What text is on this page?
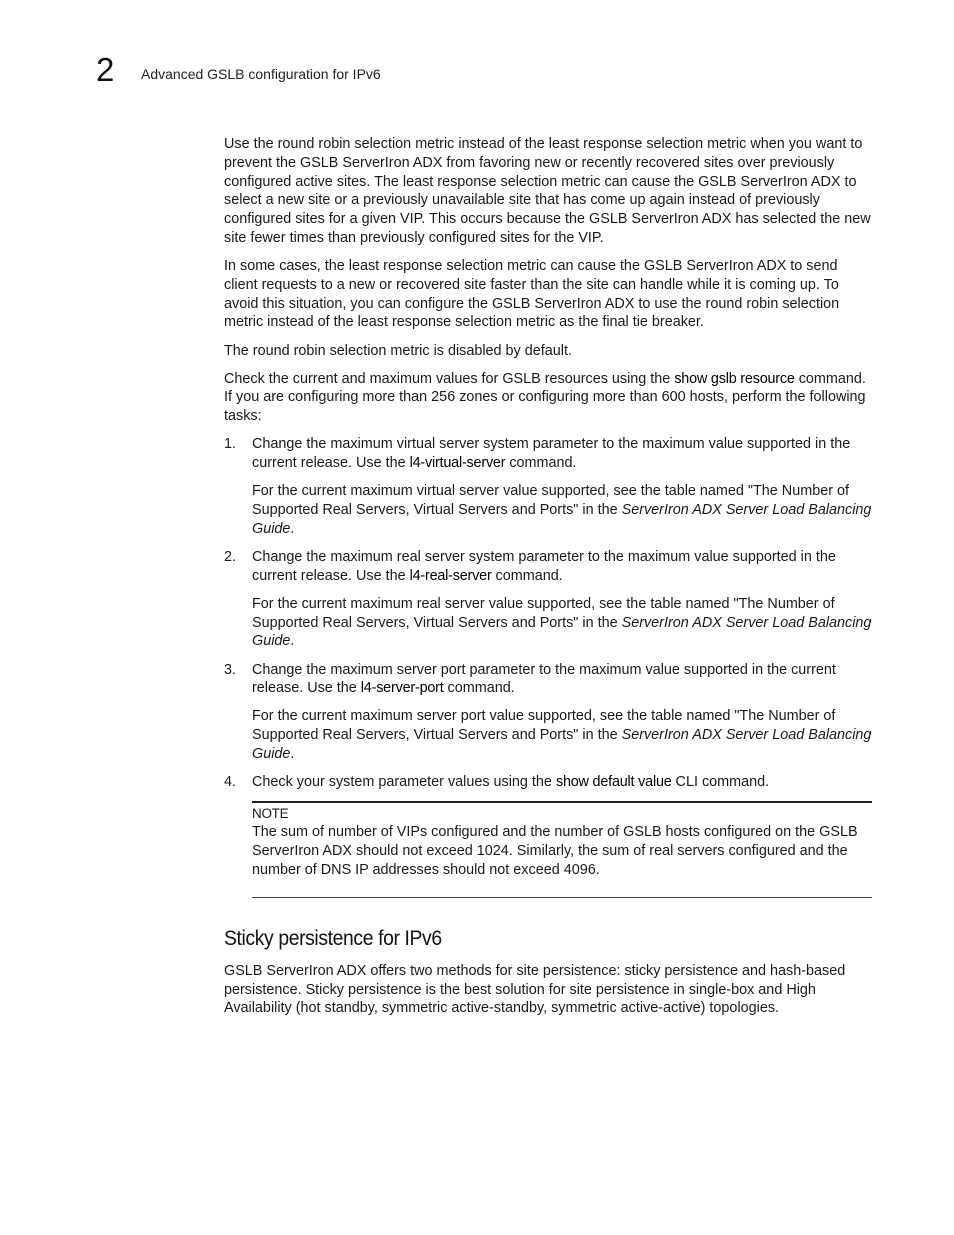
2 Advanced GSLB configuration for IPv6

Use the round robin selection metric instead of the least response selection metric when you want to prevent the GSLB ServerIron ADX from favoring new or recently recovered sites over previously configured active sites. The least response selection metric can cause the GSLB ServerIron ADX to select a new site or a previously unavailable site that has come up again instead of previously configured sites for a given VIP. This occurs because the GSLB ServerIron ADX has selected the new site fewer times than previously configured sites for the VIP.

In some cases, the least response selection metric can cause the GSLB ServerIron ADX to send client requests to a new or recovered site faster than the site can handle while it is coming up. To avoid this situation, you can configure the GSLB ServerIron ADX to use the round robin selection metric instead of the least response selection metric as the final tie breaker.

The round robin selection metric is disabled by default.

Check the current and maximum values for GSLB resources using the show gslb resource command. If you are configuring more than 256 zones or configuring more than 600 hosts, perform the following tasks:

1. Change the maximum virtual server system parameter to the maximum value supported in the current release. Use the l4-virtual-server command.

For the current maximum virtual server value supported, see the table named "The Number of Supported Real Servers, Virtual Servers and Ports" in the ServerIron ADX Server Load Balancing Guide.

2. Change the maximum real server system parameter to the maximum value supported in the current release. Use the l4-real-server command.

For the current maximum real server value supported, see the table named "The Number of Supported Real Servers, Virtual Servers and Ports" in the ServerIron ADX Server Load Balancing Guide.

3. Change the maximum server port parameter to the maximum value supported in the current release. Use the l4-server-port command.

For the current maximum server port value supported, see the table named "The Number of Supported Real Servers, Virtual Servers and Ports" in the ServerIron ADX Server Load Balancing Guide.

4. Check your system parameter values using the show default value CLI command.

NOTE

The sum of number of VIPs configured and the number of GSLB hosts configured on the GSLB ServerIron ADX should not exceed 1024. Similarly, the sum of real servers configured and the number of DNS IP addresses should not exceed 4096.

Sticky persistence for IPv6

GSLB ServerIron ADX offers two methods for site persistence: sticky persistence and hash-based persistence. Sticky persistence is the best solution for site persistence in single-box and High Availability (hot standby, symmetric active-standby, symmetric active-active) topologies.
